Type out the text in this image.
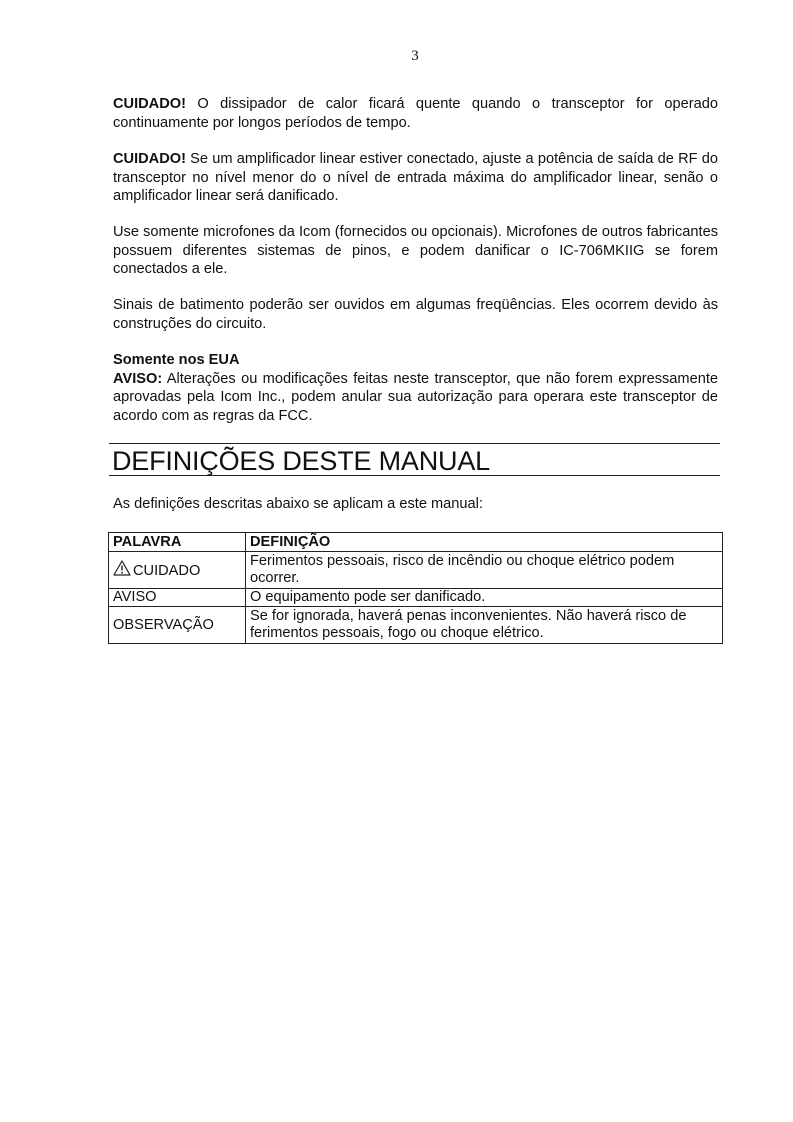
3

CUIDADO! O dissipador de calor ficará quente quando o transceptor for operado continuamente por longos períodos de tempo.

CUIDADO! Se um amplificador linear estiver conectado, ajuste a potência de saída de RF do transceptor no nível menor do o nível de entrada máxima do amplificador linear, senão o amplificador linear será danificado.

Use somente microfones da Icom (fornecidos ou opcionais). Microfones de outros fabricantes possuem diferentes sistemas de pinos, e podem danificar o IC-706MKIIG se forem conectados a ele.

Sinais de batimento poderão ser ouvidos em algumas freqüências. Eles ocorrem devido às construções do circuito.

Somente nos EUA
AVISO: Alterações ou modificações feitas neste transceptor, que não forem expressamente aprovadas pela Icom Inc., podem anular sua autorização para operara este transceptor de acordo com as regras da FCC.
DEFINIÇÕES DESTE MANUAL
As definições descritas abaixo se aplicam a este manual:
PALAVRA	DEFINIÇÃO
CUIDADO	Ferimentos pessoais, risco de incêndio ou choque elétrico podem ocorrer.
AVISO	O equipamento pode ser danificado.
OBSERVAÇÃO	Se for ignorada, haverá penas inconvenientes. Não haverá risco de ferimentos pessoais, fogo ou choque elétrico.
